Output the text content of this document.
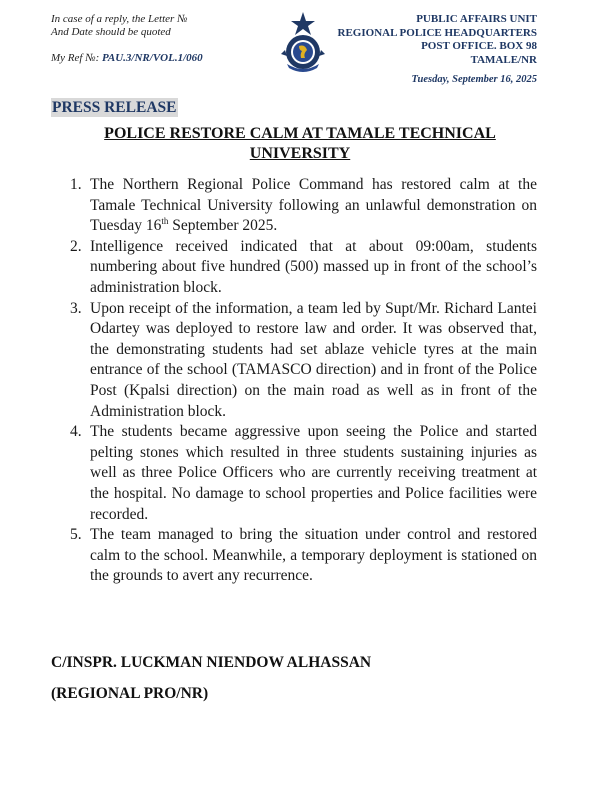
In case of a reply, the Letter №
And Date should be quoted
My Ref №: PAU.3/NR/VOL.1/060
PUBLIC AFFAIRS UNIT
REGIONAL POLICE HEADQUARTERS
POST OFFICE. BOX 98
TAMALE/NR
Tuesday, September 16, 2025
PRESS RELEASE
POLICE RESTORE CALM AT TAMALE TECHNICAL UNIVERSITY
1. The Northern Regional Police Command has restored calm at the Tamale Technical University following an unlawful demonstration on Tuesday 16th September 2025.
2. Intelligence received indicated that at about 09:00am, students numbering about five hundred (500) massed up in front of the school’s administration block.
3. Upon receipt of the information, a team led by Supt/Mr. Richard Lantei Odartey was deployed to restore law and order. It was observed that, the demonstrating students had set ablaze vehicle tyres at the main entrance of the school (TAMASCO direction) and in front of the Police Post (Kpalsi direction) on the main road as well as in front of the Administration block.
4. The students became aggressive upon seeing the Police and started pelting stones which resulted in three students sustaining injuries as well as three Police Officers who are currently receiving treatment at the hospital. No damage to school properties and Police facilities were recorded.
5. The team managed to bring the situation under control and restored calm to the school. Meanwhile, a temporary deployment is stationed on the grounds to avert any recurrence.
C/INSPR. LUCKMAN NIENDOW ALHASSAN
(REGIONAL PRO/NR)
